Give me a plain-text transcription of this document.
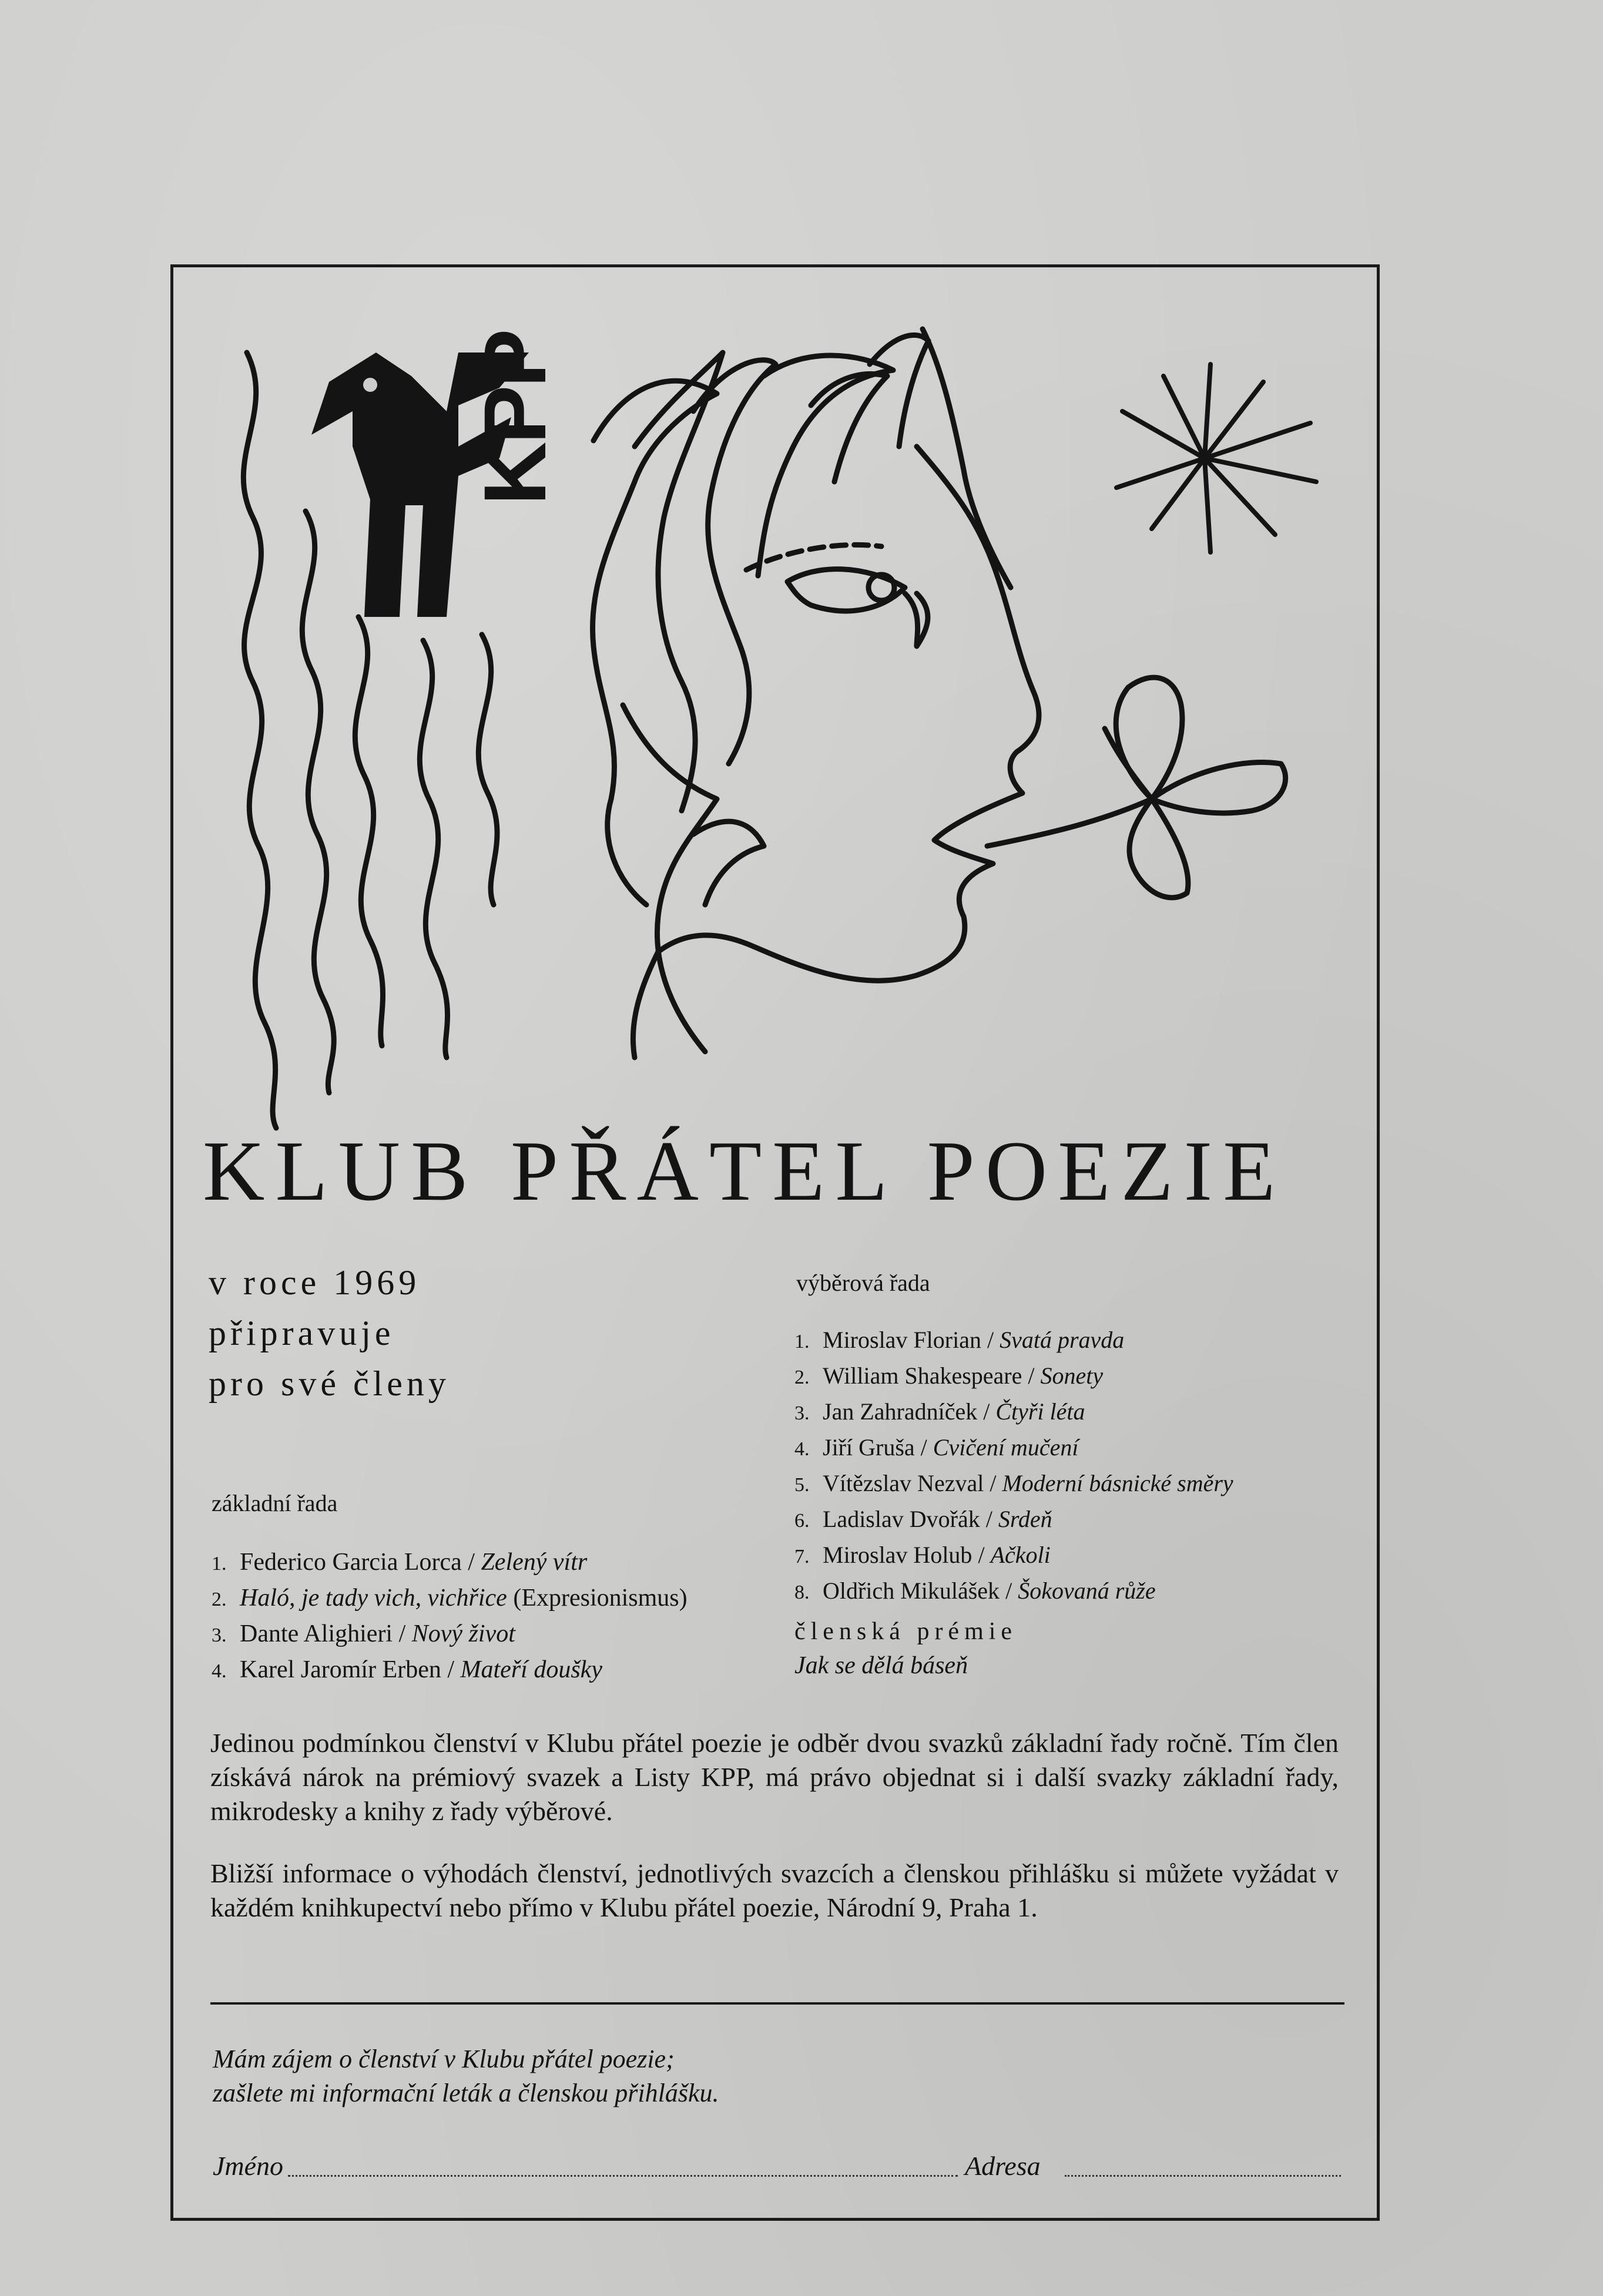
KPP
KLUB PŘÁTEL POEZIE
v roce 1969
připravuje
pro své členy
základní řada
1. Federico Garcia Lorca / Zelený vítr
2. Haló, je tady vich, vichřice (Expresionismus)
3. Dante Alighieri / Nový život
4. Karel Jaromír Erben / Mateří doušky
výběrová řada
1. Miroslav Florian / Svatá pravda
2. William Shakespeare / Sonety
3. Jan Zahradníček / Čtyři léta
4. Jiří Gruša / Cvičení mučení
5. Vítězslav Nezval / Moderní básnické směry
6. Ladislav Dvořák / Srdeň
7. Miroslav Holub / Ačkoli
8. Oldřich Mikulášek / Šokovaná růže
členská prémie
Jak se dělá báseň
Jedinou podmínkou členství v Klubu přátel poezie je odběr dvou svazků základní řady ročně. Tím člen získává nárok na prémiový svazek a Listy KPP, má právo objednat si i další svazky základní řady, mikrodesky a knihy z řady výběrové.
Bližší informace o výhodách členství, jednotlivých svazcích a členskou přihlášku si můžete vyžádat v každém knihkupectví nebo přímo v Klubu přátel poezie, Národní 9, Praha 1.
Mám zájem o členství v Klubu přátel poezie;
zašlete mi informační leták a členskou přihlášku.
Jméno	Adresa
